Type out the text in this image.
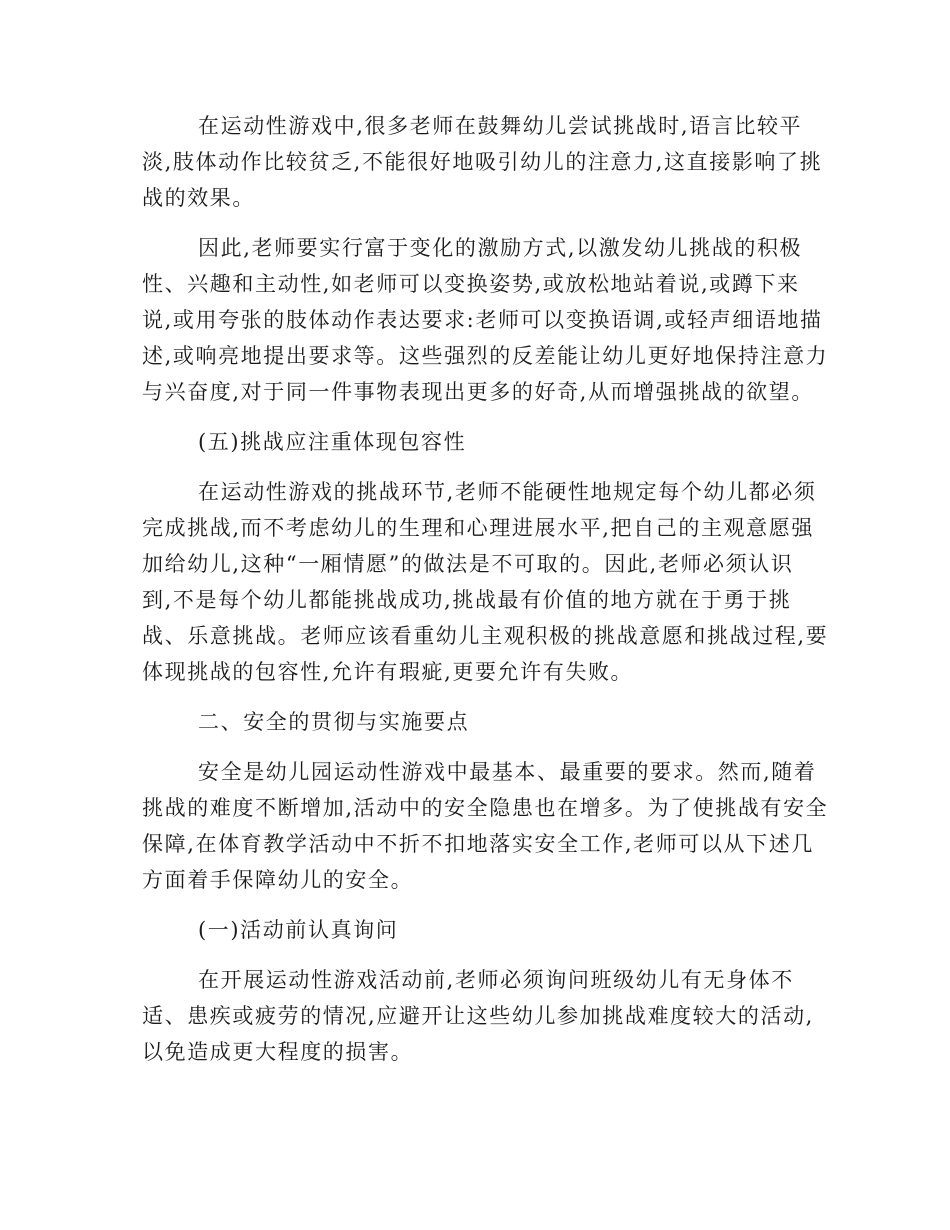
在运动性游戏中,很多老师在鼓舞幼儿尝试挑战时,语言比较平
淡,肢体动作比较贫乏,不能很好地吸引幼儿的注意力,这直接影响了挑
战的效果。
因此,老师要实行富于变化的激励方式,以激发幼儿挑战的积极
性、兴趣和主动性,如老师可以变换姿势,或放松地站着说,或蹲下来
说,或用夸张的肢体动作表达要求:老师可以变换语调,或轻声细语地描
述,或响亮地提出要求等。这些强烈的反差能让幼儿更好地保持注意力
与兴奋度,对于同一件事物表现出更多的好奇,从而增强挑战的欲望。
(五)挑战应注重体现包容性
在运动性游戏的挑战环节,老师不能硬性地规定每个幼儿都必须
完成挑战,而不考虑幼儿的生理和心理进展水平,把自己的主观意愿强
加给幼儿,这种“一厢情愿”的做法是不可取的。因此,老师必须认识
到,不是每个幼儿都能挑战成功,挑战最有价值的地方就在于勇于挑
战、乐意挑战。老师应该看重幼儿主观积极的挑战意愿和挑战过程,要
体现挑战的包容性,允许有瑕疵,更要允许有失败。
二、安全的贯彻与实施要点
安全是幼儿园运动性游戏中最基本、最重要的要求。然而,随着
挑战的难度不断增加,活动中的安全隐患也在增多。为了使挑战有安全
保障,在体育教学活动中不折不扣地落实安全工作,老师可以从下述几
方面着手保障幼儿的安全。
(一)活动前认真询问
在开展运动性游戏活动前,老师必须询问班级幼儿有无身体不
适、患疾或疲劳的情况,应避开让这些幼儿参加挑战难度较大的活动,
以免造成更大程度的损害。
